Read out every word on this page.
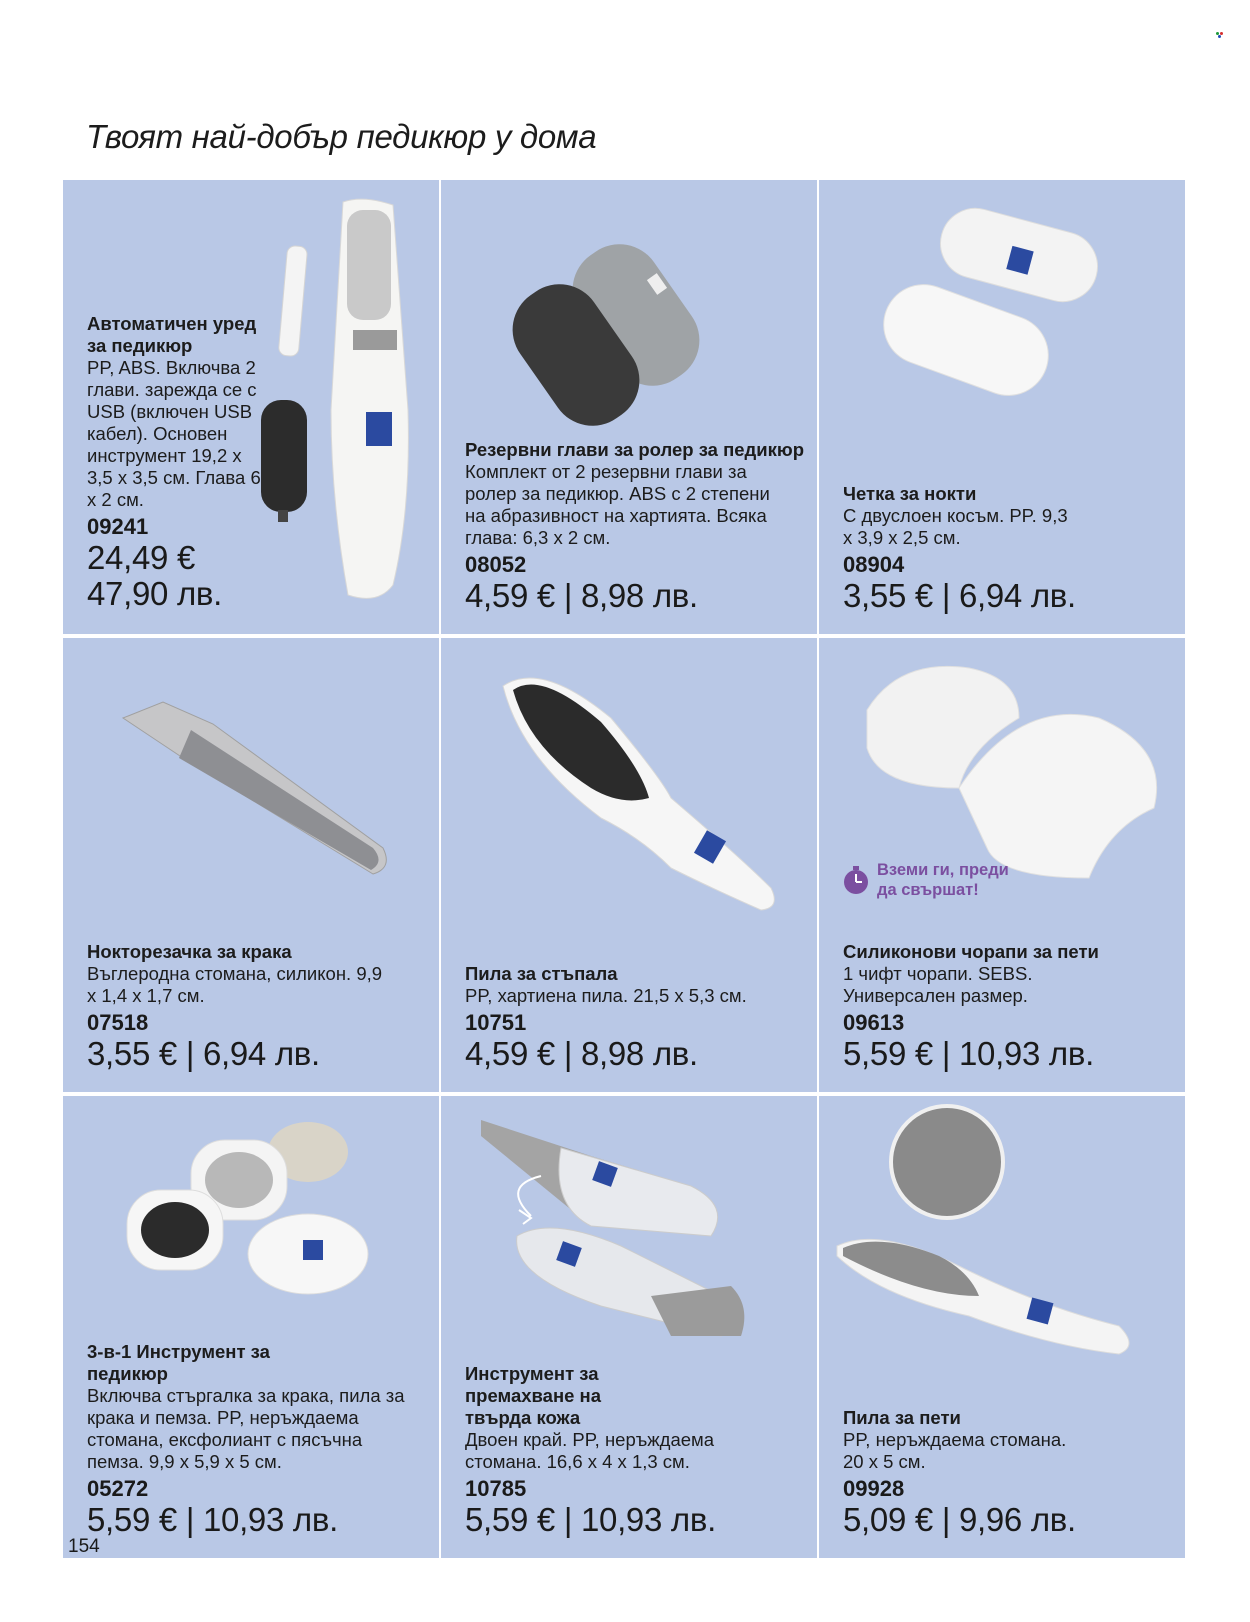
Твоят най-добър педикюр у дома
Автоматичен уред за педикюр
PP, ABS. Включва 2 глави. зарежда се с USB (включен USB кабел). Основен инструмент 19,2 x 3,5 x 3,5 см. Глава 6 x 2 см.
09241
24,49 €
47,90 лв.
Резервни глави за ролер за педикюр
Комплект от 2 резервни глави за ролер за педикюр. ABS с 2 степени на абразивност на хартията. Всяка глава: 6,3 x 2 см.
08052
4,59 € | 8,98 лв.
Четка за нокти
С двуслоен косъм. PP. 9,3 x 3,9 x 2,5 см.
08904
3,55 € | 6,94 лв.
Нокторезачка за крака
Въглеродна стомана, силикон. 9,9 x 1,4 x 1,7 см.
07518
3,55 € | 6,94 лв.
Пила за стъпала
PP, хартиена пила. 21,5 x 5,3 см.
10751
4,59 € | 8,98 лв.
Вземи ги, преди
да свършат!
Силиконови чорапи за пети
1 чифт чорапи. SEBS. Универсален размер.
09613
5,59 € | 10,93 лв.
3-в-1 Инструмент за педикюр
Включва стъргалка за крака, пила за крака и пемза. PP, неръждаема стомана, ексфолиант с пясъчна пемза. 9,9 x 5,9 x 5 см.
05272
5,59 € | 10,93 лв.
Инструмент за премахване на твърда кожа
Двоен край. PP, неръждаема стомана. 16,6 x 4 x 1,3 см.
10785
5,59 € | 10,93 лв.
Пила за пети
PP, неръждаема стомана. 20 x 5 см.
09928
5,09 € | 9,96 лв.
154
